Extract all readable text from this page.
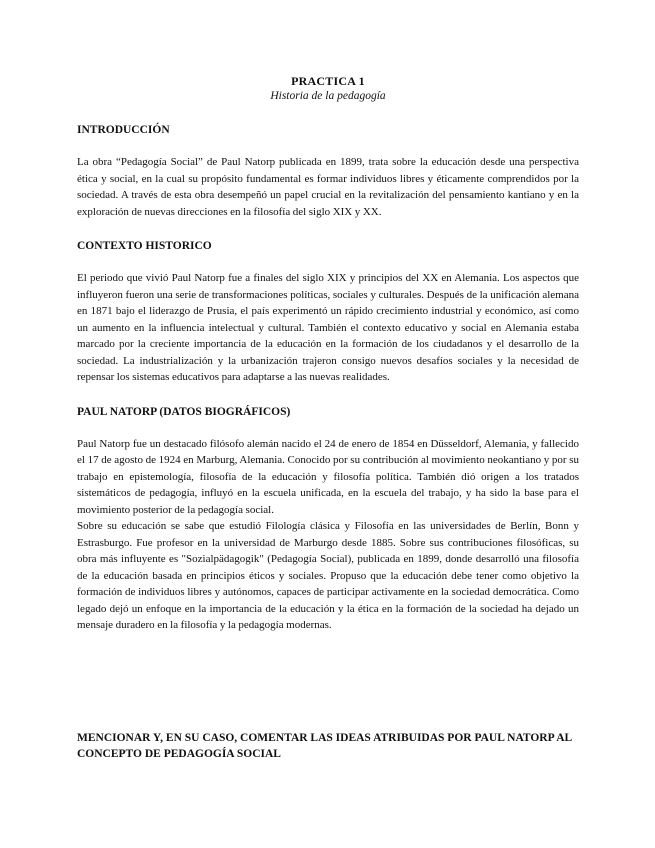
PRACTICA 1
Historia de la pedagogía
INTRODUCCIÓN

La obra “Pedagogía Social” de Paul Natorp publicada en 1899, trata sobre la educación desde una perspectiva ética y social, en la cual su propósito fundamental es formar individuos libres y éticamente comprendidos por la sociedad. A través de esta obra desempeñó un papel crucial en la revitalización del pensamiento kantiano y en la exploración de nuevas direcciones en la filosofía del siglo XIX y XX.

CONTEXTO HISTORICO

El periodo que vivió Paul Natorp fue a finales del siglo XIX y principios del XX en Alemania. Los aspectos que influyeron fueron una serie de transformaciones políticas, sociales y culturales. Después de la unificación alemana en 1871 bajo el liderazgo de Prusia, el país experimentó un rápido crecimiento industrial y económico, así como un aumento en la influencia intelectual y cultural. También el contexto educativo y social en Alemania estaba marcado por la creciente importancia de la educación en la formación de los ciudadanos y el desarrollo de la sociedad. La industrialización y la urbanización trajeron consigo nuevos desafíos sociales y la necesidad de repensar los sistemas educativos para adaptarse a las nuevas realidades.

PAUL NATORP (DATOS BIOGRÁFICOS)

Paul Natorp fue un destacado filósofo alemán nacido el 24 de enero de 1854 en Düsseldorf, Alemania, y fallecido el 17 de agosto de 1924 en Marburg, Alemania. Conocido por su contribución al movimiento neokantiano y por su trabajo en epistemología, filosofía de la educación y filosofía política. También dió origen a los tratados sistemáticos de pedagogía, influyó en la escuela unificada, en la escuela del trabajo, y ha sido la base para el movimiento posterior de la pedagogía social.

Sobre su educación se sabe que estudió Filología clásica y Filosofía en las universidades de Berlín, Bonn y Estrasburgo. Fue profesor en la universidad de Marburgo desde 1885. Sobre sus contribuciones filosóficas, su obra más influyente es "Sozialpädagogik" (Pedagogía Social), publicada en 1899, donde desarrolló una filosofía de la educación basada en principios éticos y sociales. Propuso que la educación debe tener como objetivo la formación de individuos libres y autónomos, capaces de participar activamente en la sociedad democrática. Como legado dejó un enfoque en la importancia de la educación y la ética en la formación de la sociedad ha dejado un mensaje duradero en la filosofía y la pedagogía modernas.

MENCIONAR Y, EN SU CASO, COMENTAR LAS IDEAS ATRIBUIDAS POR PAUL NATORP AL CONCEPTO DE PEDAGOGÍA SOCIAL
